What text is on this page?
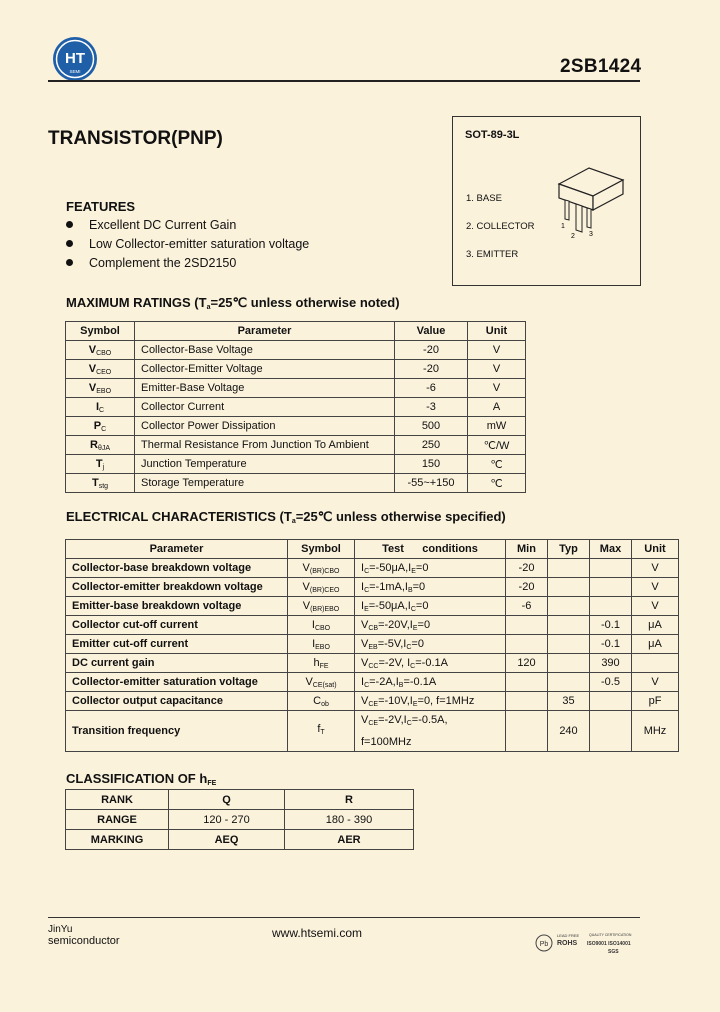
HT
SEMI	2SB1424
TRANSISTOR(PNP)	SOT-89-3L
1. BASE
2. COLLECTOR
3. EMITTER
1
2 3
FEATURES
Excellent DC Current Gain
Low Collector-emitter saturation voltage
Complement the 2SD2150
MAXIMUM RATINGS ($T_a=25℃$ unless otherwise noted)
Symbol	Parameter	Value	Unit
$V_{CBO}$	Collector-Base Voltage	-20	V
$V_{CEO}$	Collector-Emitter Voltage	-20	V
$V_{EBO}$	Emitter-Base Voltage	-6	V
$I_C$	Collector Current	-3	A
$P_C$	Collector Power Dissipation	500	mW
$R_{\theta JA}$	Thermal Resistance From Junction To Ambient	250	℃/W
$T_j$	Junction Temperature	150	℃
$T_{stg}$	Storage Temperature	-55~+150	℃
ELECTRICAL CHARACTERISTICS ($T_a=25℃$ unless otherwise specified)
Parameter	Symbol	Test      conditions	Min	Typ	Max	Unit
Collector-base breakdown voltage	$V_{(BR)CBO}$	$I_C=-50\mu A,I_E=0$	-20			V
Collector-emitter breakdown voltage	$V_{(BR)CEO}$	$I_C=-1mA,I_B=0$	-20			V
Emitter-base breakdown voltage	$V_{(BR)EBO}$	$I_E=-50\mu A,I_C=0$	-6			V
Collector cut-off current	$I_{CBO}$	$V_{CB}=-20V,I_E=0$			-0.1	μA
Emitter cut-off current	$I_{EBO}$	$V_{EB}=-5V,I_C=0$			-0.1	μA
DC current gain	$h_{FE}$	$V_{CC}=-2V$, $I_C=-0.1A$	120		390	
Collector-emitter saturation voltage	$V_{CE(sat)}$	$I_C=-2A,I_B=-0.1A$			-0.5	V
Collector output capacitance	$C_{ob}$	$V_{CE}=-10V,I_E=0$, f=1MHz		35		pF
Transition frequency	$f_T$	$V_{CE}=-2V,I_C=-0.5A$,
f=100MHz		240		MHz
CLASSIFICATION OF $h_{FE}$
RANK	Q	R
RANGE	120 - 270	180 - 390
MARKING	AEQ	AER
JinYu
semiconductor
www.htsemi.com
Pb
LEAD FREE
ROHS
QUALITY CERTIFICATION
ISO9001 ISO14001
SGS
